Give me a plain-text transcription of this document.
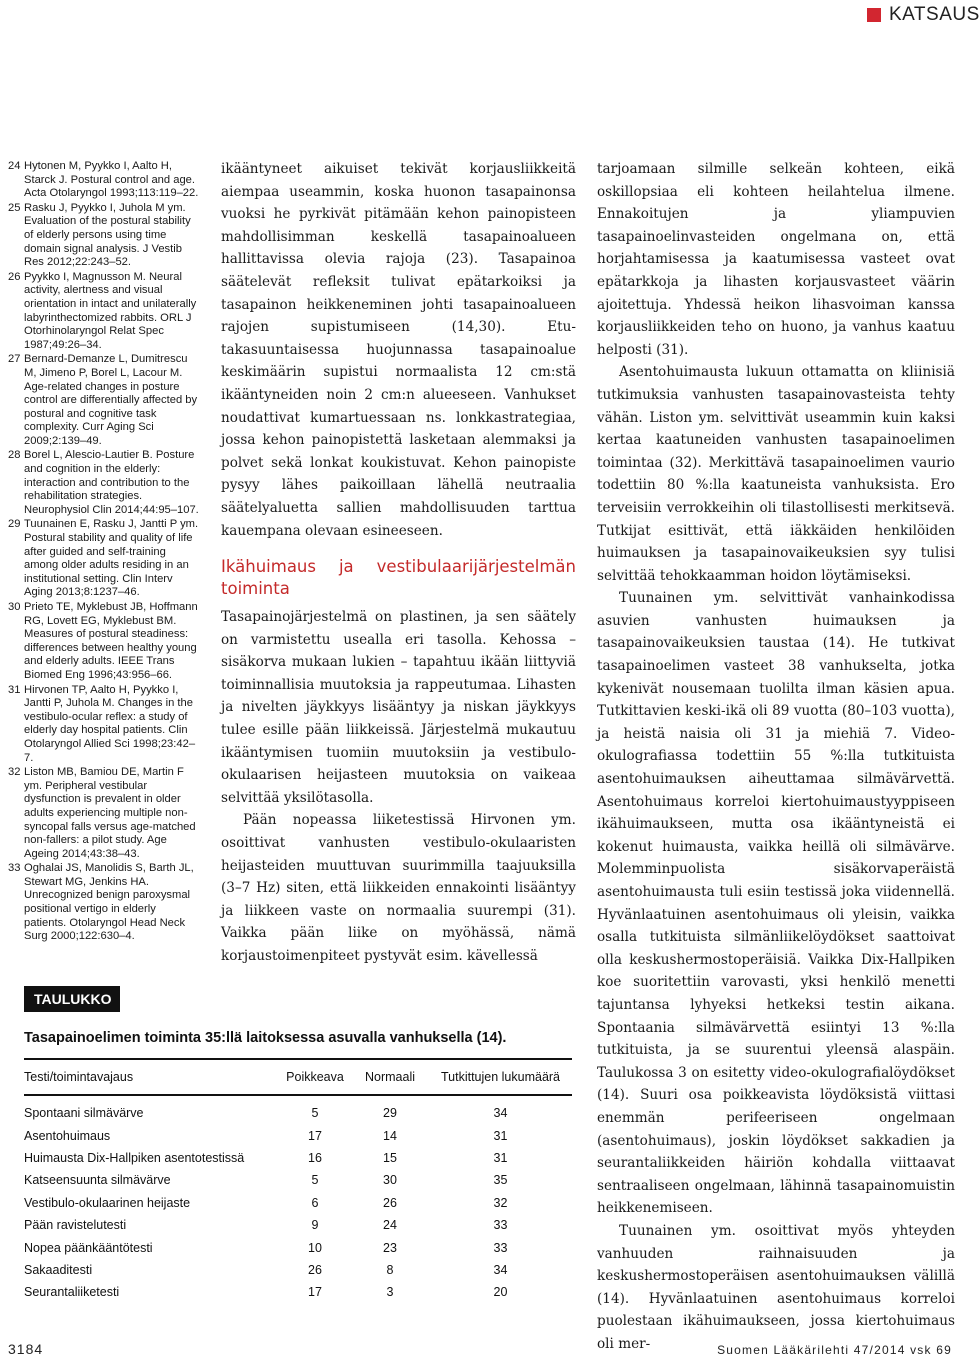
KATSAUS
24 Hytonen M, Pyykko I, Aalto H, Starck J. Postural control and age. Acta Otolaryngol 1993;113:119–22.
25 Rasku J, Pyykko I, Juhola M ym. Evaluation of the postural stability of elderly persons using time domain signal analysis. J Vestib Res 2012;22:243–52.
26 Pyykko I, Magnusson M. Neural activity, alertness and visual orientation in intact and unilaterally labyrinthectomized rabbits. ORL J Otorhinolaryngol Relat Spec 1987;49:26–34.
27 Bernard-Demanze L, Dumitrescu M, Jimeno P, Borel L, Lacour M. Age-related changes in posture control are differentially affected by postural and cognitive task complexity. Curr Aging Sci 2009;2:139–49.
28 Borel L, Alescio-Lautier B. Posture and cognition in the elderly: interaction and contribution to the rehabilitation strategies. Neurophysiol Clin 2014;44:95–107.
29 Tuunainen E, Rasku J, Jantti P ym. Postural stability and quality of life after guided and self-training among older adults residing in an institutional setting. Clin Interv Aging 2013;8:1237–46.
30 Prieto TE, Myklebust JB, Hoffmann RG, Lovett EG, Myklebust BM. Measures of postural steadiness: differences between healthy young and elderly adults. IEEE Trans Biomed Eng 1996;43:956–66.
31 Hirvonen TP, Aalto H, Pyykko I, Jantti P, Juhola M. Changes in the vestibulo-ocular reflex: a study of elderly day hospital patients. Clin Otolaryngol Allied Sci 1998;23:42–7.
32 Liston MB, Bamiou DE, Martin F ym. Peripheral vestibular dysfunction is prevalent in older adults experiencing multiple non-syncopal falls versus age-matched non-fallers: a pilot study. Age Ageing 2014;43:38–43.
33 Oghalai JS, Manolidis S, Barth JL, Stewart MG, Jenkins HA. Unrecognized benign paroxysmal positional vertigo in elderly patients. Otolaryngol Head Neck Surg 2000;122:630–4.

ikääntyneet aikuiset tekivät korjausliikkeitä aiempaa useammin, koska huonon tasapainonsa vuoksi he pyrkivät pitämään kehon painopisteen mahdollisimman keskellä tasapainoalueen hallittavissa olevia rajoja (23). Tasapainoa säätelevät refleksit tulivat epätarkoiksi ja tasapainon heikkeneminen johti tasapainoalueen rajojen supistumiseen (14,30). Etu-takasuuntaisessa huojunnassa tasapainoalue keskimäärin supistui normaalista 12 cm:stä ikääntyneiden noin 2 cm:n alueeseen. Vanhukset noudattivat kumartuessaan ns. lonkkastrategiaa, jossa kehon painopistettä lasketaan alemmaksi ja polvet sekä lonkat koukistuvat. Kehon painopiste pysyy lähes paikoillaan lähellä neutraalia säätelyaluetta sallien mahdollisuuden tarttua kauempana olevaan esineeseen.

Ikähuimaus ja vestibulaarijärjestelmän toiminta

Tasapainojärjestelmä on plastinen, ja sen säätely on varmistettu usealla eri tasolla. Kehossa – sisäkorva mukaan lukien – tapahtuu ikään liittyviä toiminnallisia muutoksia ja rappeutumaa. Lihasten ja nivelten jäykkyys lisääntyy ja niskan jäykkyys tulee esille pään liikkeissä. Järjestelmä mukautuu ikääntymisen tuomiin muutoksiin ja vestibulo-okulaarisen heijasteen muutoksia on vaikeaa selvittää yksilötasolla.

Pään nopeassa liiketestissä Hirvonen ym. osoittivat vanhusten vestibulo-okulaaristen heijasteiden muuttuvan suurimmilla taajuuksilla (3–7 Hz) siten, että liikkeiden ennakointi lisääntyy ja liikkeen vaste on normaalia suurempi (31). Vaikka pään liike on myöhässä, nämä korjaustoimenpiteet pystyvät esim. kävellessä

tarjoamaan silmille selkeän kohteen, eikä oskillopsiaa eli kohteen heilahtelua ilmene. Ennakoitujen ja yliampuvien tasapainoelinvasteiden ongelmana on, että horjahtamisessa ja kaatumisessa vasteet ovat epätarkkoja ja lihasten korjausvasteet väärin ajoitettuja. Yhdessä heikon lihasvoiman kanssa korjausliikkeiden teho on huono, ja vanhus kaatuu helposti (31).

Asentohuimausta lukuun ottamatta on kliinisiä tutkimuksia vanhusten tasapainovasteista tehty vähän. Liston ym. selvittivät useammin kuin kaksi kertaa kaatuneiden vanhusten tasapainoelimen toimintaa (32). Merkittävä tasapainoelimen vaurio todettiin 80 %:lla kaatuneista vanhuksista. Ero terveisiin verrokkeihin oli tilastollisesti merkitsevä. Tutkijat esittivät, että iäkkäiden henkilöiden huimauksen ja tasapainovaikeuksien syy tulisi selvittää tehokkaamman hoidon löytämiseksi.

Tuunainen ym. selvittivät vanhainkodissa asuvien vanhusten huimauksen ja tasapainovaikeuksien taustaa (14). He tutkivat tasapainoelimen vasteet 38 vanhukselta, jotka kykenivät nousemaan tuolilta ilman käsien apua. Tutkittavien keski-ikä oli 89 vuotta (80–103 vuotta), ja heistä naisia oli 31 ja miehiä 7. Video-okulografiassa todettiin 55 %:lla tutkituista asentohuimauksen aiheuttamaa silmävärvettä. Asentohuimaus korreloi kiertohuimaustyyppiseen ikähuimaukseen, mutta osa ikääntyneistä ei kokenut huimausta, vaikka heillä oli silmävärve. Molemminpuolista sisäkorvaperäistä asentohuimausta tuli esiin testissä joka viidennellä. Hyvänlaatuinen asentohuimaus oli yleisin, vaikka osalla tutkituista silmänliikelöydökset saattoivat olla keskushermostoperäisiä. Vaikka Dix-Hallpiken koe suoritettiin varovasti, yksi henkilö menetti tajuntansa lyhyeksi hetkeksi testin aikana. Spontaania silmävärvettä esiintyi 13 %:lla tutkituista, ja se suurentui yleensä alaspäin. Taulukossa 3 on esitetty video-okulografialöydökset (14). Suuri osa poikkeavista löydöksistä viittasi enemmän perifeeriseen ongelmaan (asentohuimaus), joskin löydökset sakkadien ja seurantaliikkeiden häiriön kohdalla viittaavat sentraaliseen ongelmaan, lähinnä tasapainomuistin heikkenemiseen.

Tuunainen ym. osoittivat myös yhteyden vanhuuden raihnaisuuden ja keskushermostoperäisen asentohuimauksen välillä (14). Hyvänlaatuinen asentohuimaus korreloi puolestaan ikähuimaukseen, jossa kiertohuimaus oli mer-

TAULUKKO 3.
Tasapainoelimen toiminta 35:llä laitoksessa asuvalla vanhuksella (14).
Testi/toimintavajaus	Poikkeava	Normaali	Tutkittujen lukumäärä
Spontaani silmävärve	5	29	34
Asentohuimaus	17	14	31
Huimausta Dix-Hallpiken asentotestissä	16	15	31
Katseensuunta silmävärve	5	30	35
Vestibulo-okulaarinen heijaste	6	26	32
Pään ravistelutesti	9	24	33
Nopea päänkääntötesti	10	23	33
Sakaaditesti	26	8	34
Seurantaliiketesti	17	3	20
3184	Suomen Lääkärilehti 47/2014 vsk 69
